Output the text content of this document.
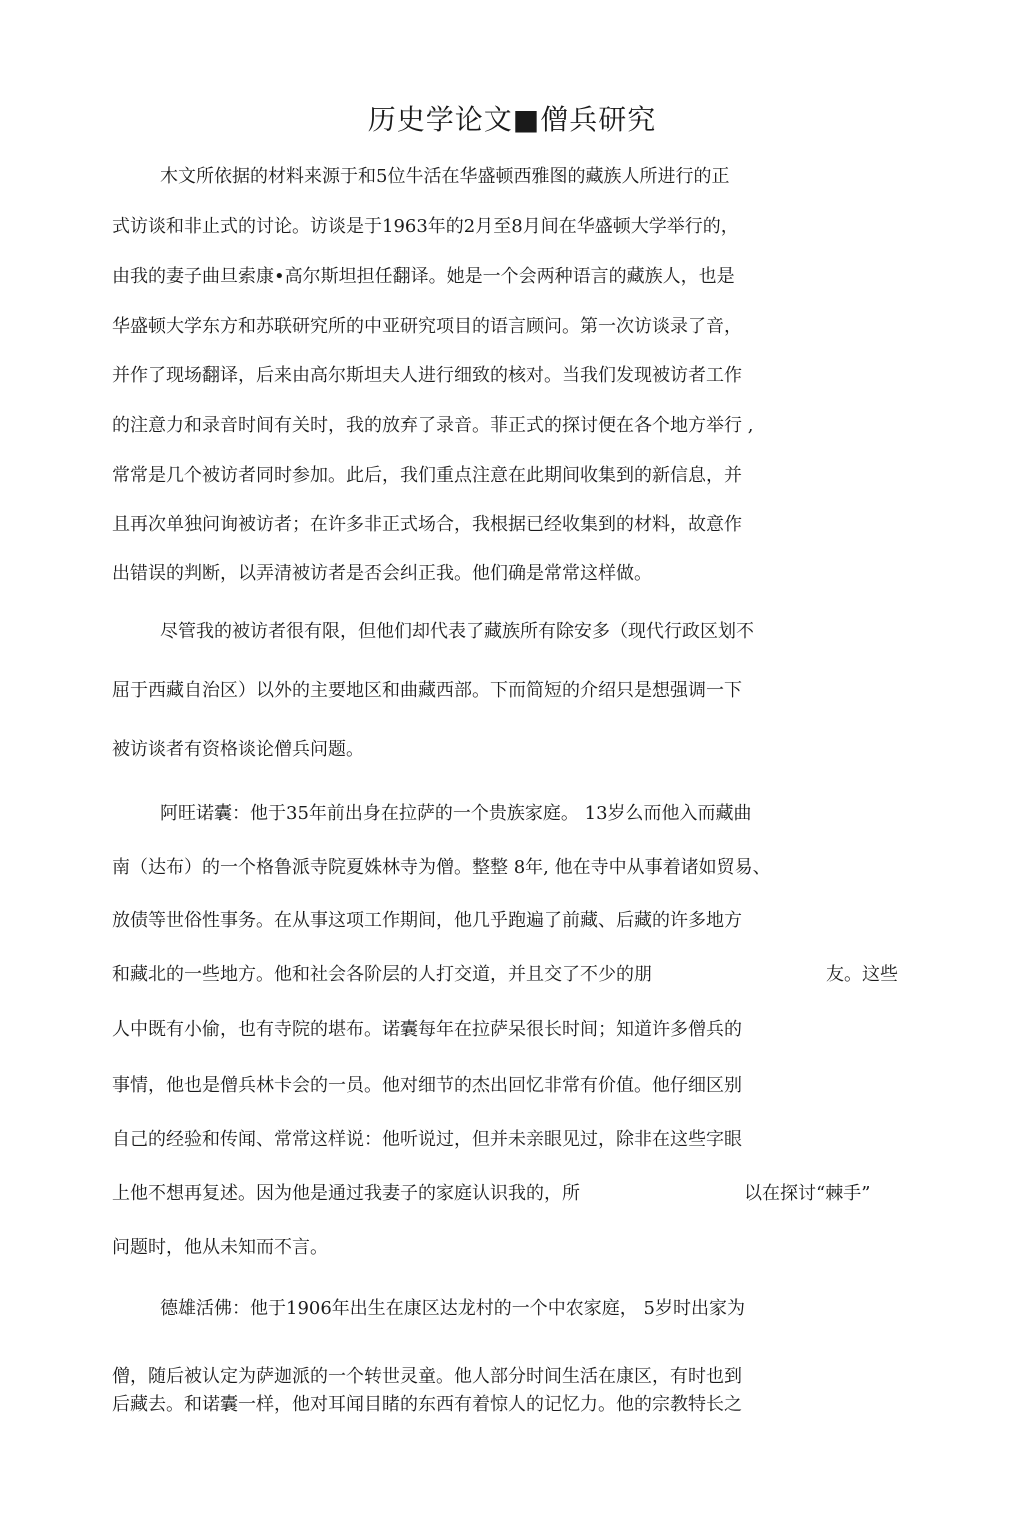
历史学论文■僧兵研究

木文所依据的材料来源于和5位牛活在华盛顿西雅图的藏族人所进行的正

式访谈和非止式的讨论。访谈是于1963年的2月至8月间在华盛顿大学举行的，

由我的妻子曲旦索康•高尔斯坦担任翻译。她是一个会两种语言的藏族人，也是

华盛顿大学东方和苏联研究所的中亚研究项目的语言顾问。第一次访谈录了音，

并作了现场翻译，后来由高尔斯坦夫人进行细致的核对。当我们发现被访者工作

的注意力和录音时间有关时，我的放弃了录音。菲正式的探讨便在各个地方举行 ,

常常是几个被访者同时参加。此后，我们重点注意在此期间收集到的新信息，并

且再次单独问询被访者；在许多非正式场合，我根据已经收集到的材料，故意作

出错误的判断，以弄清被访者是否会纠正我。他们确是常常这样做。

尽管我的被访者很有限，但他们却代表了藏族所有除安多（现代行政区划不

屈于西藏自治区）以外的主要地区和曲藏西部。下而简短的介绍只是想强调一下

被访谈者有资格谈论僧兵问题。

阿旺诺囊：他于35年前出身在拉萨的一个贵族家庭。 13岁么而他入而藏曲

南（达布）的一个格鲁派寺院夏姝林寺为僧。整整 8年, 他在寺中从事着诸如贸易、

放债等世俗性事务。在从事这项工作期间，他几乎跑遍了前藏、后藏的许多地方

和藏北的一些地方。他和社会各阶层的人打交道，并且交了不少的朋	友。这些

人中既有小偷，也有寺院的堪布。诺囊每年在拉萨呆很长时间；知道许多僧兵的

事情，他也是僧兵林卡会的一员。他对细节的杰出回忆非常有价值。他仔细区别

自己的经验和传闻、常常这样说：他听说过，但并未亲眼见过，除非在这些字眼

上他不想再复述。因为他是通过我妻子的家庭认识我的，所	以在探讨“棘手”

问题时，他从未知而不言。

德雄活佛：他于1906年出生在康区达龙村的一个中农家庭， 5岁时出家为

僧，随后被认定为萨迦派的一个转世灵童。他人部分时间生活在康区，有时也到

后藏去。和诺囊一样，他对耳闻目睹的东西有着惊人的记忆力。他的宗教特长之
